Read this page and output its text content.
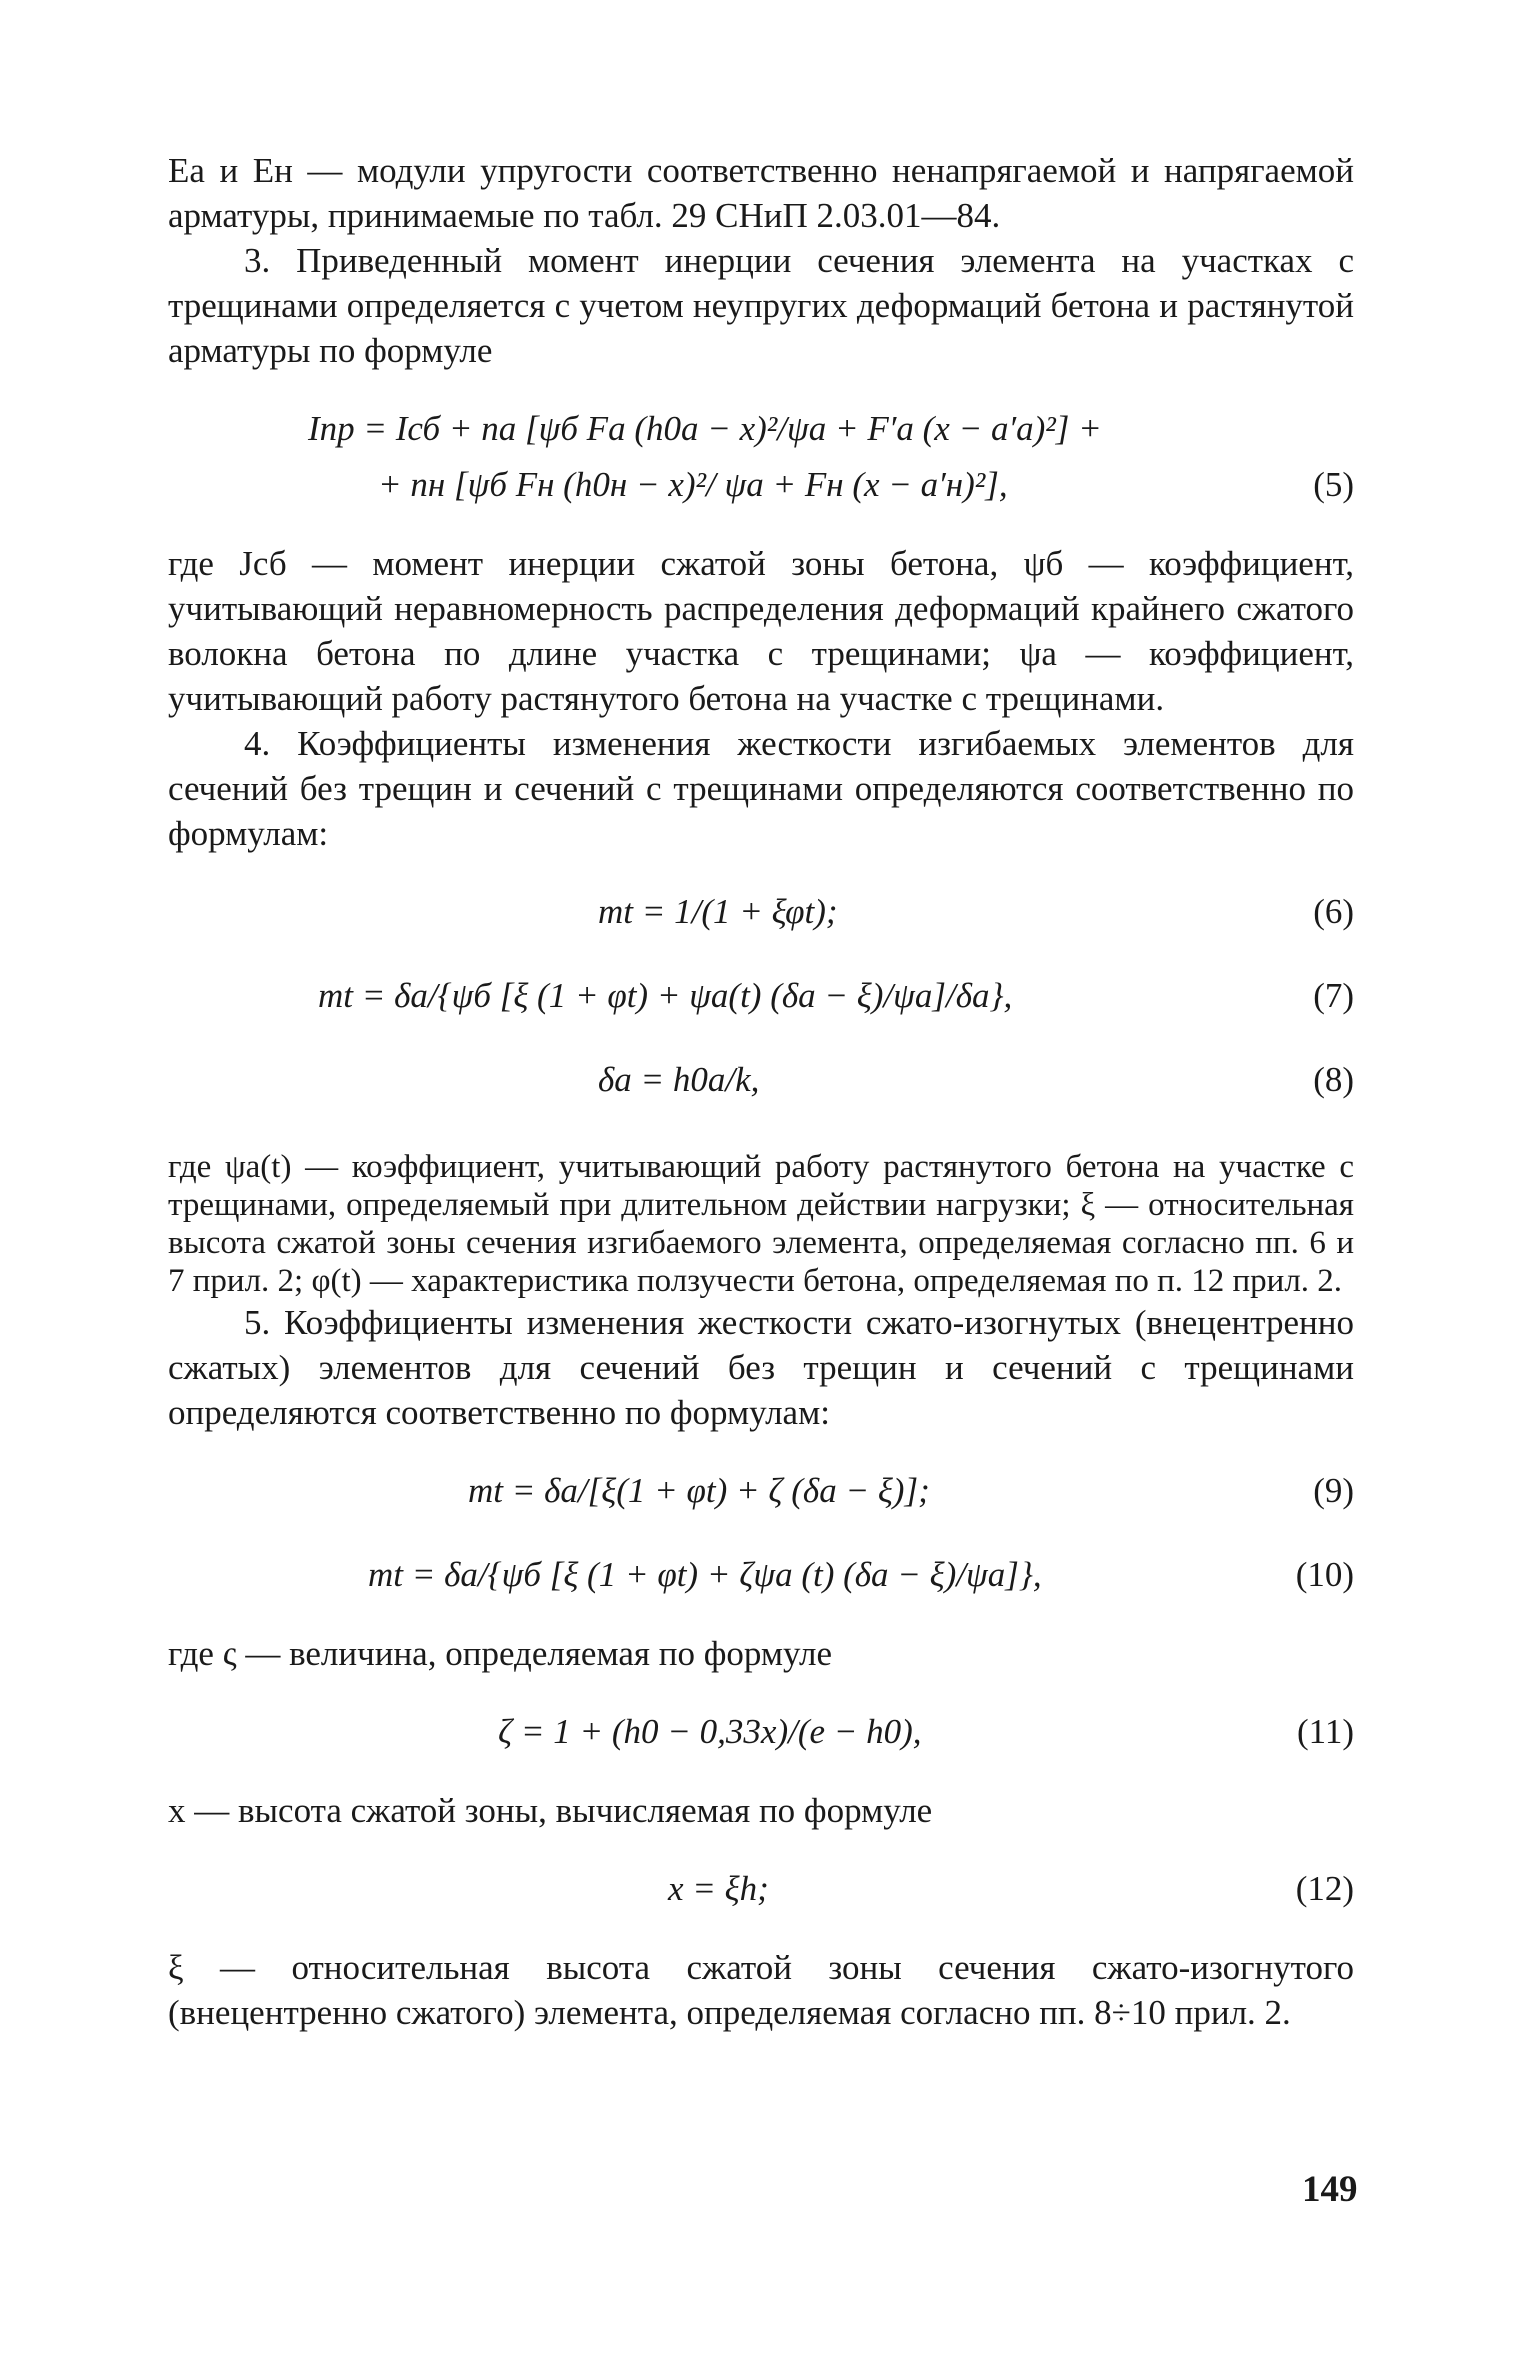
Еа и Ен — модули упругости соответственно ненапрягаемой и напрягаемой арматуры, принимаемые по табл. 29 СНиП 2.03.01—84.

3. Приведенный момент инерции сечения элемента на участках с трещинами определяется с учетом неупругих деформаций бетона и растянутой арматуры по формуле

Iпр = Iсб + nа [ψб Fа (h0а − x)²/ψа + F′а (x − a′а)²] +
+ nн [ψб Fн (h0н − x)²/ ψа + Fн (x − a′н)²],	(5)

где Jсб — момент инерции сжатой зоны бетона, ψб — коэффициент, учитывающий неравномерность распределения деформаций крайнего сжатого волокна бетона по длине участка с трещинами; ψа — коэффициент, учитывающий работу растянутого бетона на участке с трещинами.

4. Коэффициенты изменения жесткости изгибаемых элементов для сечений без трещин и сечений с трещинами определяются соответственно по формулам:

mt = 1/(1 + ξφt);	(6)
mt = δа/{ψб [ξ (1 + φt) + ψа(t) (δа − ξ)/ψа]/δа},	(7)
δа = h0а/k,	(8)

где ψа(t) — коэффициент, учитывающий работу растянутого бетона на участке с трещинами, определяемый при длительном действии нагрузки; ξ — относительная высота сжатой зоны сечения изгибаемого элемента, определяемая согласно пп. 6 и 7 прил. 2; φ(t) — характеристика ползучести бетона, определяемая по п. 12 прил. 2.

5. Коэффициенты изменения жесткости сжато-изогнутых (внецентренно сжатых) элементов для сечений без трещин и сечений с трещинами определяются соответственно по формулам:

mt = δа/[ξ(1 + φt) + ζ (δа − ξ)];	(9)
mt = δа/{ψб [ξ (1 + φt) + ζψа (t) (δа − ξ)/ψа]},	(10)

где ς — величина, определяемая по формуле

ζ = 1 + (h0 − 0,33x)/(e − h0),	(11)

x — высота сжатой зоны, вычисляемая по формуле

x = ξh;	(12)

ξ — относительная высота сжатой зоны сечения сжато-изогнутого (внецентренно сжатого) элемента, определяемая согласно пп. 8÷10 прил. 2.

149
